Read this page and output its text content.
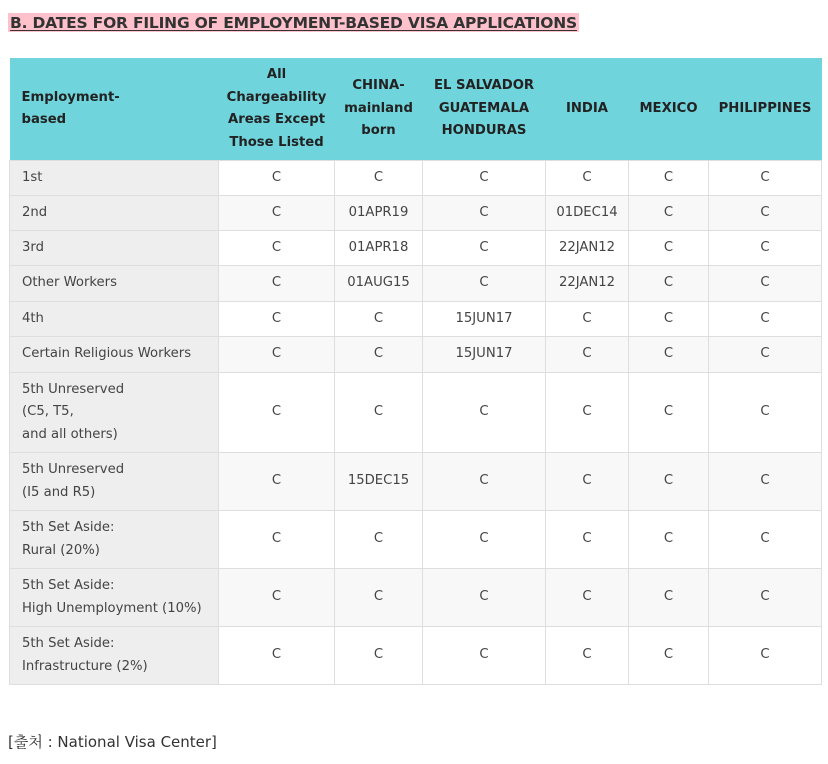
B. DATES FOR FILING OF EMPLOYMENT-BASED VISA APPLICATIONS
Employment-
based	All
Chargeability
Areas Except
Those Listed	CHINA-
mainland
born	EL SALVADOR
GUATEMALA
HONDURAS	INDIA	MEXICO	PHILIPPINES
1st	C	C	C	C	C	C
2nd	C	01APR19	C	01DEC14	C	C
3rd	C	01APR18	C	22JAN12	C	C
Other Workers	C	01AUG15	C	22JAN12	C	C
4th	C	C	15JUN17	C	C	C
Certain Religious Workers	C	C	15JUN17	C	C	C
5th Unreserved
(C5, T5,
and all others)	C	C	C	C	C	C
5th Unreserved
(I5 and R5)	C	15DEC15	C	C	C	C
5th Set Aside:
Rural (20%)	C	C	C	C	C	C
5th Set Aside:
High Unemployment (10%)	C	C	C	C	C	C
5th Set Aside:
Infrastructure (2%)	C	C	C	C	C	C
[출처 : National Visa Center]
